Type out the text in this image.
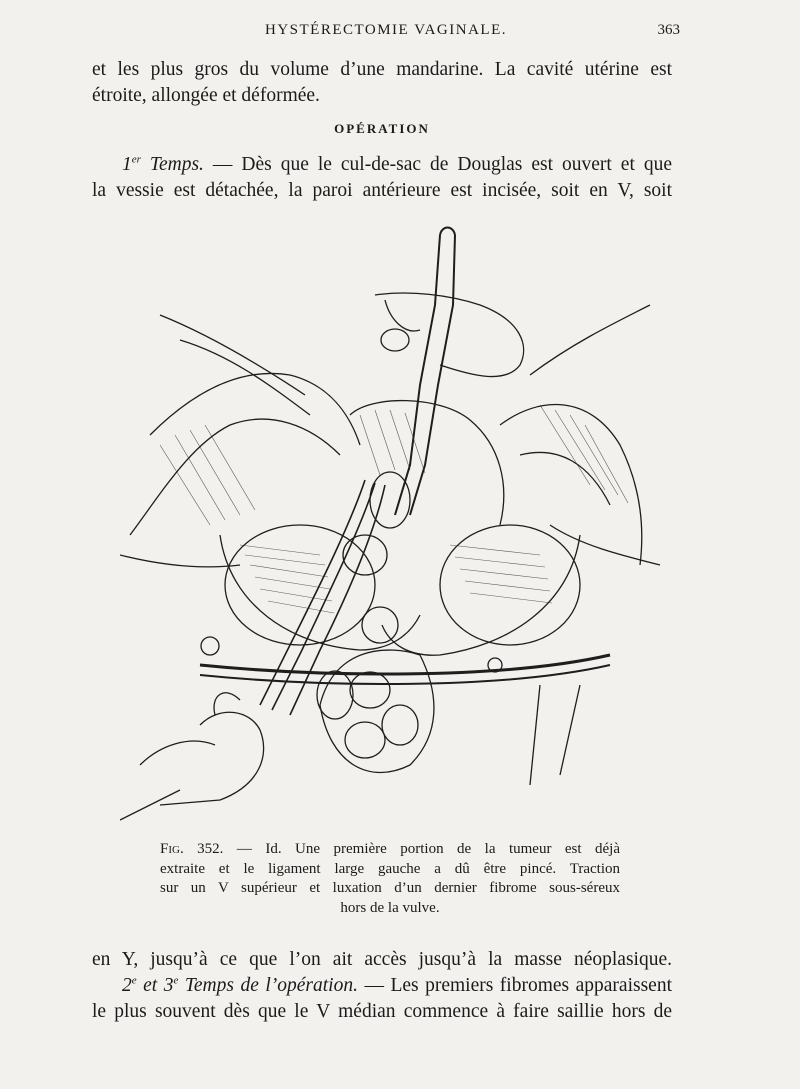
HYSTÉRECTOMIE VAGINALE.	363
et les plus gros du volume d’une mandarine. La cavité utérine est
étroite, allongée et déformée.
OPÉRATION
1er Temps. — Dès que le cul-de-sac de Douglas est ouvert et que
la vessie est détachée, la paroi antérieure est incisée, soit en V, soit
Fig. 352. — Id. Une première portion de la tumeur est déjà
extraite et le ligament large gauche a dû être pincé. Traction
sur un V supérieur et luxation d’un dernier fibrome sous-séreux
hors de la vulve.
en Y, jusqu’à ce que l’on ait accès jusqu’à la masse néoplasique.
2e et 3e Temps de l’opération. — Les premiers fibromes apparaissent
le plus souvent dès que le V médian commence à faire saillie hors de
